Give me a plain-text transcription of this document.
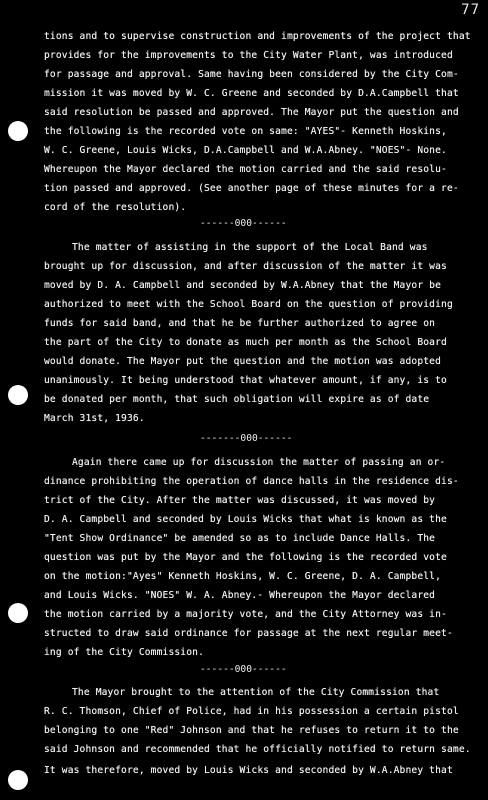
77
tions and to supervise construction and improvements of the project that
provides for the improvements to the City Water Plant, was introduced
for passage and approval. Same having been considered by the City Com-
mission it was moved by W. C. Greene and seconded by D.A.Campbell that
said resolution be passed and approved. The Mayor put the question and
the following is the recorded vote on same: "AYES"- Kenneth Hoskins,
W. C. Greene, Louis Wicks, D.A.Campbell and W.A.Abney. "NOES"- None.
Whereupon the Mayor declared the motion carried and the said resolu-
tion passed and approved. (See another page of these minutes for a re-
cord of the resolution).
------000------
The matter of assisting in the support of the Local Band was
brought up for discussion, and after discussion of the matter it was
moved by D. A. Campbell and seconded by W.A.Abney that the Mayor be
authorized to meet with the School Board on the question of providing
funds for said band, and that he be further authorized to agree on
the part of the City to donate as much per month as the School Board
would donate. The Mayor put the question and the motion was adopted
unanimously. It being understood that whatever amount, if any, is to
be donated per month, that such obligation will expire as of date
March 31st, 1936.
-------000------
Again there came up for discussion the matter of passing an or-
dinance prohibiting the operation of dance halls in the residence dis-
trict of the City. After the matter was discussed, it was moved by
D. A. Campbell and seconded by Louis Wicks that what is known as the
"Tent Show Ordinance" be amended so as to include Dance Halls. The
question was put by the Mayor and the following is the recorded vote
on the motion:"Ayes" Kenneth Hoskins, W. C. Greene, D. A. Campbell,
and Louis Wicks. "NOES" W. A. Abney.- Whereupon the Mayor declared
the motion carried by a majority vote, and the City Attorney was in-
structed to draw said ordinance for passage at the next regular meet-
ing of the City Commission.
------000------
The Mayor brought to the attention of the City Commission that
R. C. Thomson, Chief of Police, had in his possession a certain pistol
belonging to one "Red" Johnson and that he refuses to return it to the
said Johnson and recommended that he officially notified to return same.
It was therefore, moved by Louis Wicks and seconded by W.A.Abney that
